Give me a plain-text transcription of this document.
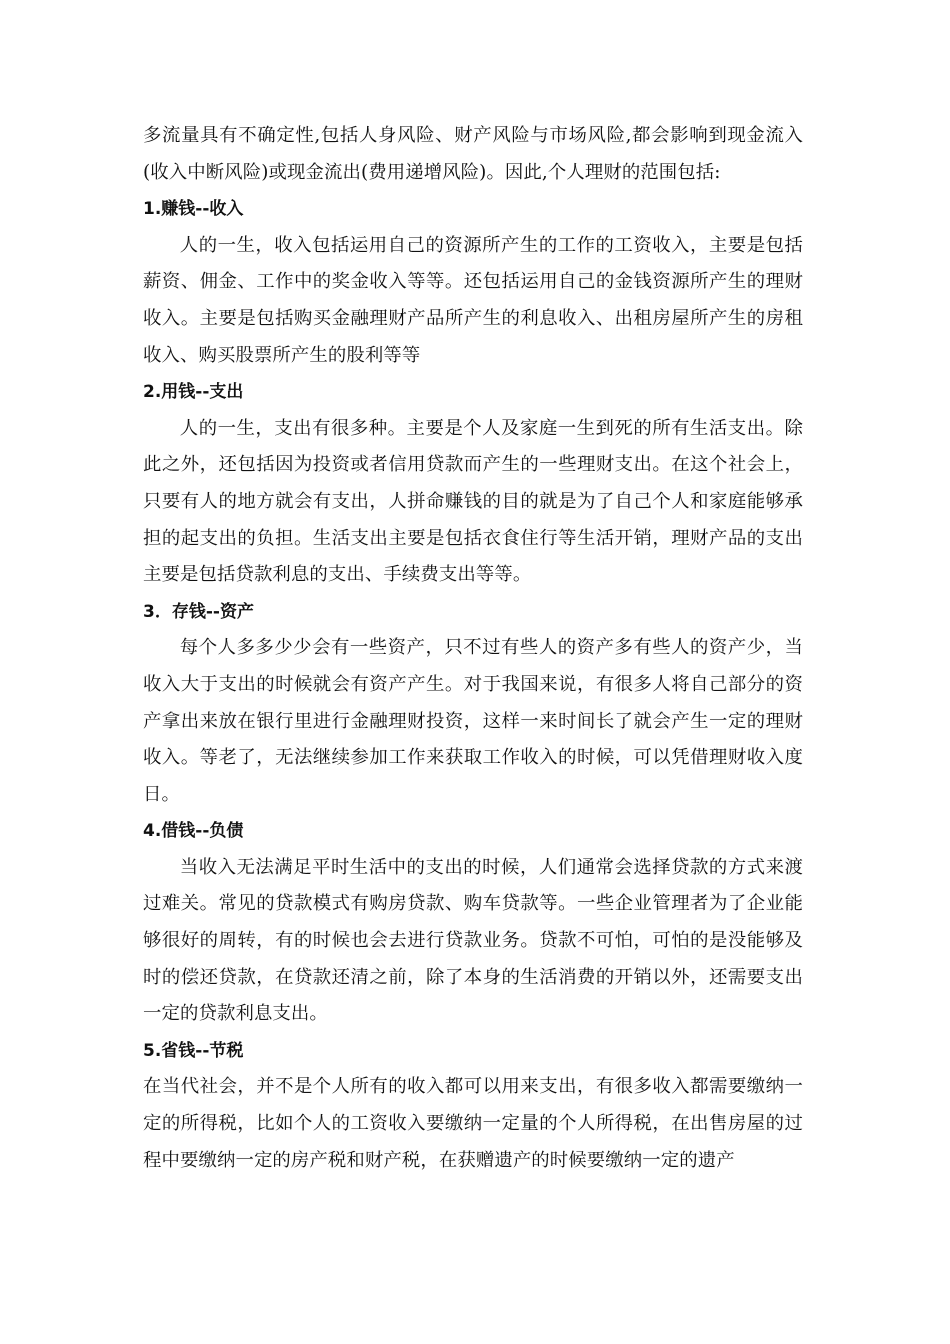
多流量具有不确定性,包括人身风险、财产风险与市场风险,都会影响到现金流入(收入中断风险)或现金流出(费用递增风险)。因此,个人理财的范围包括:

1.赚钱--收入

人的一生，收入包括运用自己的资源所产生的工作的工资收入，主要是包括薪资、佣金、工作中的奖金收入等等。还包括运用自己的金钱资源所产生的理财收入。主要是包括购买金融理财产品所产生的利息收入、出租房屋所产生的房租收入、购买股票所产生的股利等等

2.用钱--支出

人的一生，支出有很多种。主要是个人及家庭一生到死的所有生活支出。除此之外，还包括因为投资或者信用贷款而产生的一些理财支出。在这个社会上，只要有人的地方就会有支出，人拼命赚钱的目的就是为了自己个人和家庭能够承担的起支出的负担。生活支出主要是包括衣食住行等生活开销，理财产品的支出主要是包括贷款利息的支出、手续费支出等等。

3．存钱--资产

每个人多多少少会有一些资产，只不过有些人的资产多有些人的资产少，当收入大于支出的时候就会有资产产生。对于我国来说，有很多人将自己部分的资产拿出来放在银行里进行金融理财投资，这样一来时间长了就会产生一定的理财收入。等老了，无法继续参加工作来获取工作收入的时候，可以凭借理财收入度日。

4.借钱--负债

当收入无法满足平时生活中的支出的时候，人们通常会选择贷款的方式来渡过难关。常见的贷款模式有购房贷款、购车贷款等。一些企业管理者为了企业能够很好的周转，有的时候也会去进行贷款业务。贷款不可怕，可怕的是没能够及时的偿还贷款，在贷款还清之前，除了本身的生活消费的开销以外，还需要支出一定的贷款利息支出。

5.省钱--节税

在当代社会，并不是个人所有的收入都可以用来支出，有很多收入都需要缴纳一定的所得税，比如个人的工资收入要缴纳一定量的个人所得税，在出售房屋的过程中要缴纳一定的房产税和财产税，在获赠遗产的时候要缴纳一定的遗产
